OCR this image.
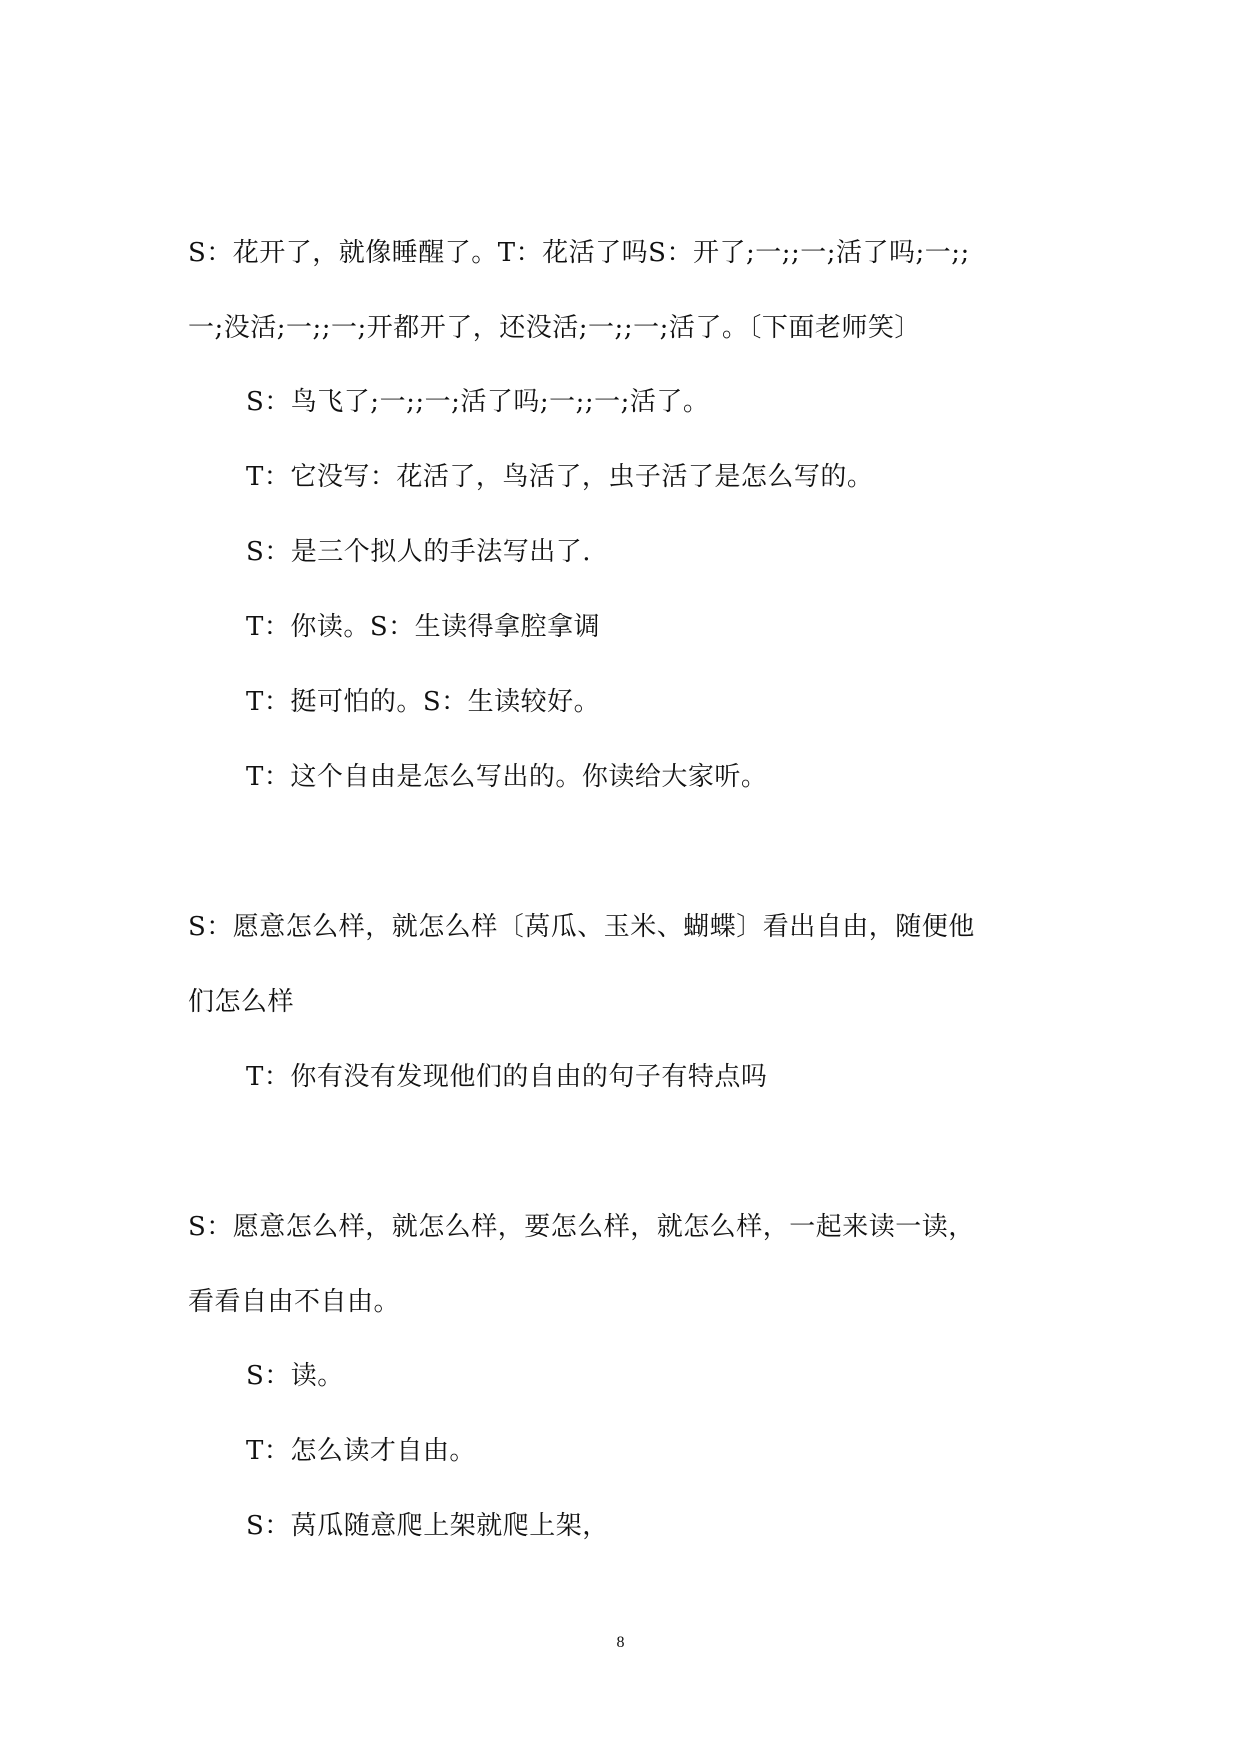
S：花开了，就像睡醒了。T：花活了吗S：开了;一;;一;活了吗;一;;
一;没活;一;;一;开都开了，还没活;一;;一;活了。〔下面老师笑〕
S：鸟飞了;一;;一;活了吗;一;;一;活了。
T：它没写：花活了，鸟活了，虫子活了是怎么写的。
S：是三个拟人的手法写出了.
T：你读。S：生读得拿腔拿调
T：挺可怕的。S：生读较好。
T：这个自由是怎么写出的。你读给大家听。
S：愿意怎么样，就怎么样〔莴瓜、玉米、蝴蝶〕看出自由，随便他
们怎么样
T：你有没有发现他们的自由的句子有特点吗
S：愿意怎么样，就怎么样，要怎么样，就怎么样，一起来读一读，
看看自由不自由。
S：读。
T：怎么读才自由。
S：莴瓜随意爬上架就爬上架，
8
